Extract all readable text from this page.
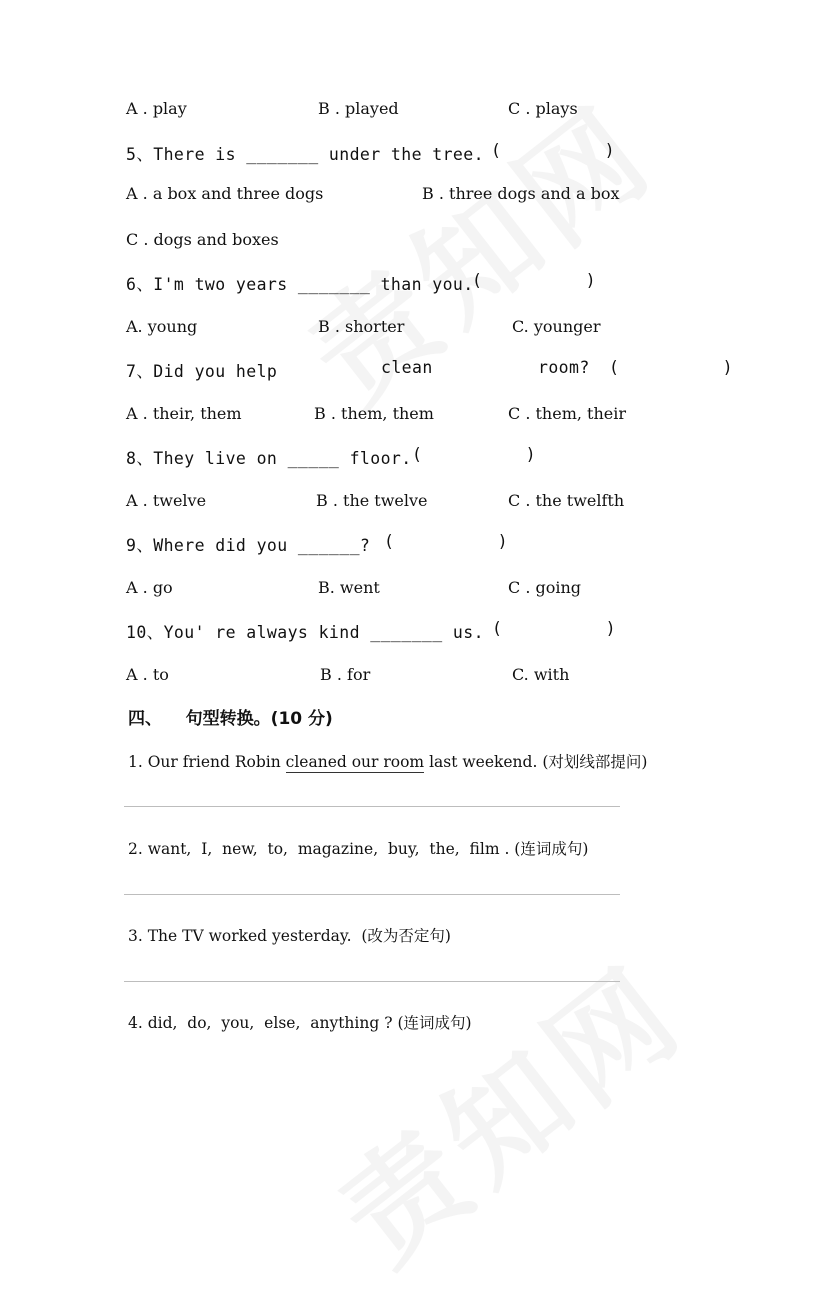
A . play	B . played	C . plays

5、There is _______ under the tree.

(          )

A . a box and three dogs	B . three dogs and a box
C . dogs and boxes

6、I'm two years _______ than you.

(          )

A. young	B . shorter	C. younger

7、Did you help

	clean

	room?

(          )

A . their, them	B . them, them	C . them, their

8、They live on _____ floor.

(          )

A . twelve	B . the twelve	C . the twelfth

9、Where did you ______?

(          )

A . go	B. went	C . going

10、You' re always kind _______ us.

(          )

A . to	B . for	C. with
四、    句型转换。(10 分)
1. Our friend Robin cleaned our room last weekend. (对划线部提问)
2. want,  I,  new,  to,  magazine,  buy,  the,  film . (连词成句)
3. The TV worked yesterday.  (改为否定句)
4. did,  do,  you,  else,  anything ? (连词成句)
